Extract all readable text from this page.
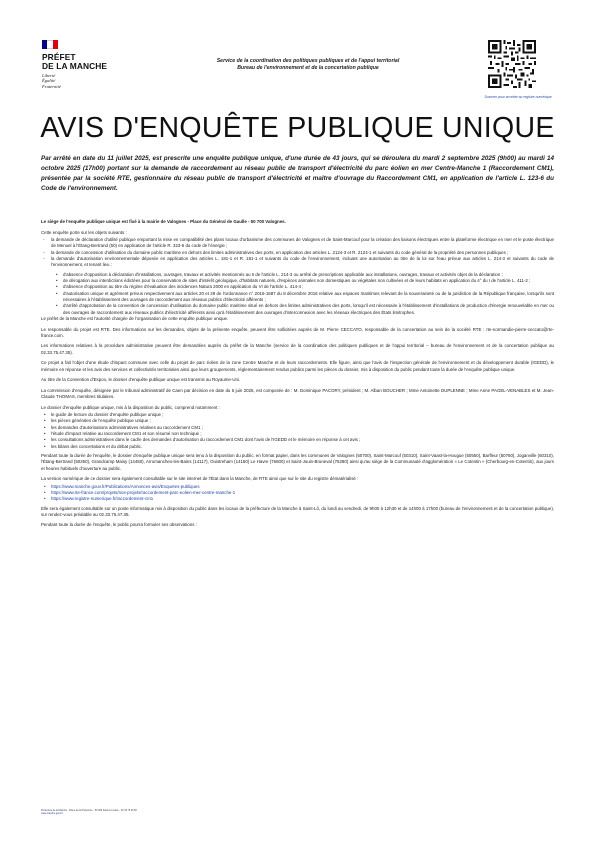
PRÉFET
DE LA MANCHE
Liberté
Égalité
Fraternité
Service de la coordination des politiques publiques et de l'appui territorial
Bureau de l'environnement et de la concertation publique
Scanner pour accéder au registre numérique
AVIS D'ENQUÊTE PUBLIQUE UNIQUE
Par arrêté en date du 11 juillet 2025, est prescrite une enquête publique unique, d'une durée de 43 jours, qui se déroulera du mardi 2 septembre 2025 (9h00) au mardi 14 octobre 2025 (17h00) portant sur la demande de raccordement au réseau public de transport d'électricité du parc éolien en mer Centre-Manche 1 (Raccordement CM1), présentée par la société RTE, gestionnaire du réseau public de transport d'électricité et maître d'ouvrage du Raccordement CM1, en application de l'article L. 123-6 du Code de l'environnement.

Le siège de l'enquête publique unique est fixé à la mairie de Valognes - Place du Général de Gaulle - 50 700 Valognes.

Cette enquête porte sur les objets suivants :

- la demande de déclaration d'utilité publique emportant la mise en compatibilité des plans locaux d'urbanisme des communes de Valognes et de Saint-Marcouf pour la création des liaisons électriques entre la plateforme électrique en mer et le poste électrique de Menuel à l'Étang-Bertrand (50) en application de l'article R. 323-6 du code de l'énergie ;
- la demande de concession d'utilisation du domaine public maritime en dehors des limites administratives des ports, en application des articles L. 2124-3 et R. 2124-1 et suivants du code général de la propriété des personnes publiques ;
- la demande d'autorisation environnementale déposée en application des articles L. 181-1 et R. 181-1 et suivants du code de l'environnement, incluant une autorisation au titre de la loi sur l'eau prévue aux articles L. 214-3 et suivants du code de l'environnement, et tenant lieu :
• d'absence d'opposition à déclaration d'installations, ouvrages, travaux et activités mentionnés au II de l'article L. 214-3 ou arrêté de prescriptions applicable aux installations, ouvrages, travaux et activités objet de la déclaration ;
• de dérogation aux interdictions édictées pour la conservation de sites d'intérêt géologique, d'habitats naturels, d'espèces animales non domestiques ou végétales non cultivées et de leurs habitats en application du 4° du I de l'article L. 411-2 ;
• d'absence d'opposition au titre du régime d'évaluation des incidences Natura 2000 en application du VI de l'article L. 414-4 ;
• d'autorisation unique et agrément prévus respectivement aux articles 20 et 28 de l'ordonnance n° 2016-1687 du 8 décembre 2016 relative aux espaces maritimes relevant de la souveraineté ou de la juridiction de la République française, lorsqu'ils sont nécessaires à l'établissement des ouvrages de raccordement aux réseaux publics d'électricité afférents ;
• d'arrêté d'approbation de la convention de concession d'utilisation du domaine public maritime situé en dehors des limites administratives des ports, lorsqu'il est nécessaire à l'établissement d'installations de production d'énergie renouvelable en mer ou des ouvrages de raccordement aux réseaux publics d'électricité afférents ainsi qu'à l'établissement des ouvrages d'interconnexion avec les réseaux électriques des États limitrophes.

Le préfet de la Manche est l'autorité chargée de l'organisation de cette enquête publique unique.

Le responsable du projet est RTE. Des informations sur les demandes, objets de la présente enquête, peuvent être sollicitées auprès de M. Pierre CECCATO, responsable de la concertation au sein de la société RTE : rte-normandie-pierre-ceccato@rte-france.com.

Les informations relatives à la procédure administrative peuvent être demandées auprès du préfet de la Manche (service de la coordination des politiques publiques et de l'appui territorial – bureau de l'environnement et de la concertation publique au 02.33.75.47.35).

Ce projet a fait l'objet d'une étude d'impact commune avec celle du projet de parc éolien de la zone Centre Manche et de leurs raccordements. Elle figure, ainsi que l'avis de l'inspection générale de l'environnement et du développement durable (IGEDD), le mémoire en réponse et les avis des services et collectivités territoriales ainsi que leurs groupements, réglementairement rendus publics parmi les pièces du dossier, mis à disposition du public pendant toute la durée de l'enquête publique unique.

Au titre de la Convention d'Espoo, le dossier d'enquête publique unique est transmis au Royaume-Uni.

La commission d'enquête, désignée par le tribunal administratif de Caen par décision en date du 5 juin 2025, est composée de : M. Dominique PACORY, président ; M. Alban BOUCHER ; Mme Antoinette DUPLENNE ; Mme Anne PAGEL-VENABLES et M. Jean-Claude THOMAS, membres titulaires.

Le dossier d'enquête publique unique, mis à la disposition du public, comprend notamment :

• le guide de lecture du dossier d'enquête publique unique ;
• les pièces générales de l'enquête publique unique ;
• les demandes d'autorisations administratives relatives au raccordement CM1 ;
• l'étude d'impact relative au raccordement CM1 et son résumé non technique ;
• les consultations administratives dans le cadre des demandes d'autorisation du raccordement CM1 dont l'avis de l'IGEDD et le mémoire en réponse à cet avis ;
• les bilans des concertations et du débat public.

Pendant toute la durée de l'enquête, le dossier d'enquête publique unique sera tenu à la disposition du public, en format papier, dans les communes de Valognes (50700), Saint-Marcouf (50310), Saint-Vaast-la-Hougue (50550), Barfleur (50760), Joganville (50310), l'Étang-Bertrand (50260), Grandcamp Maisy (14450), Arromanches-les-Bains (14117), Ouistreham (14150) Le Havre (76600) et Saint-Jouin-Bruneval (76280) ainsi qu'au siège de la Communauté d'agglomération « Le Cotentin » (Cherbourg-en-Cotentin), aux jours et heures habituels d'ouverture au public.

La version numérique de ce dossier sera également consultable sur le site internet de l'État dans la Manche, de RTE ainsi que sur le site du registre dématérialisé :

• https://www.manche.gouv.fr/Publications/Annonces-avis/Enquetes-publiques
• https://www.rte-france.com/projets/nos-projets/raccordement-parc-eolien-mer-centre-manche-1
• https://www.registre-numerique.fr/raccordement-cm1

Elle sera également consultable sur un poste informatique mis à disposition du public dans les locaux de la préfecture de la Manche à Saint-Lô, du lundi au vendredi, de 9h00 à 12h30 et de 14h00 à 17h00 (bureau de l'environnement et de la concertation publique), sur rendez-vous préalable au 02.33.75.47.35.

Pendant toute la durée de l'enquête, le public pourra formuler ses observations :

Préfecture de la Manche - Place de la Préfecture - 50 009 Saint-Lô cedex - 02 33 75 49 50
www.manche.gouv.fr
